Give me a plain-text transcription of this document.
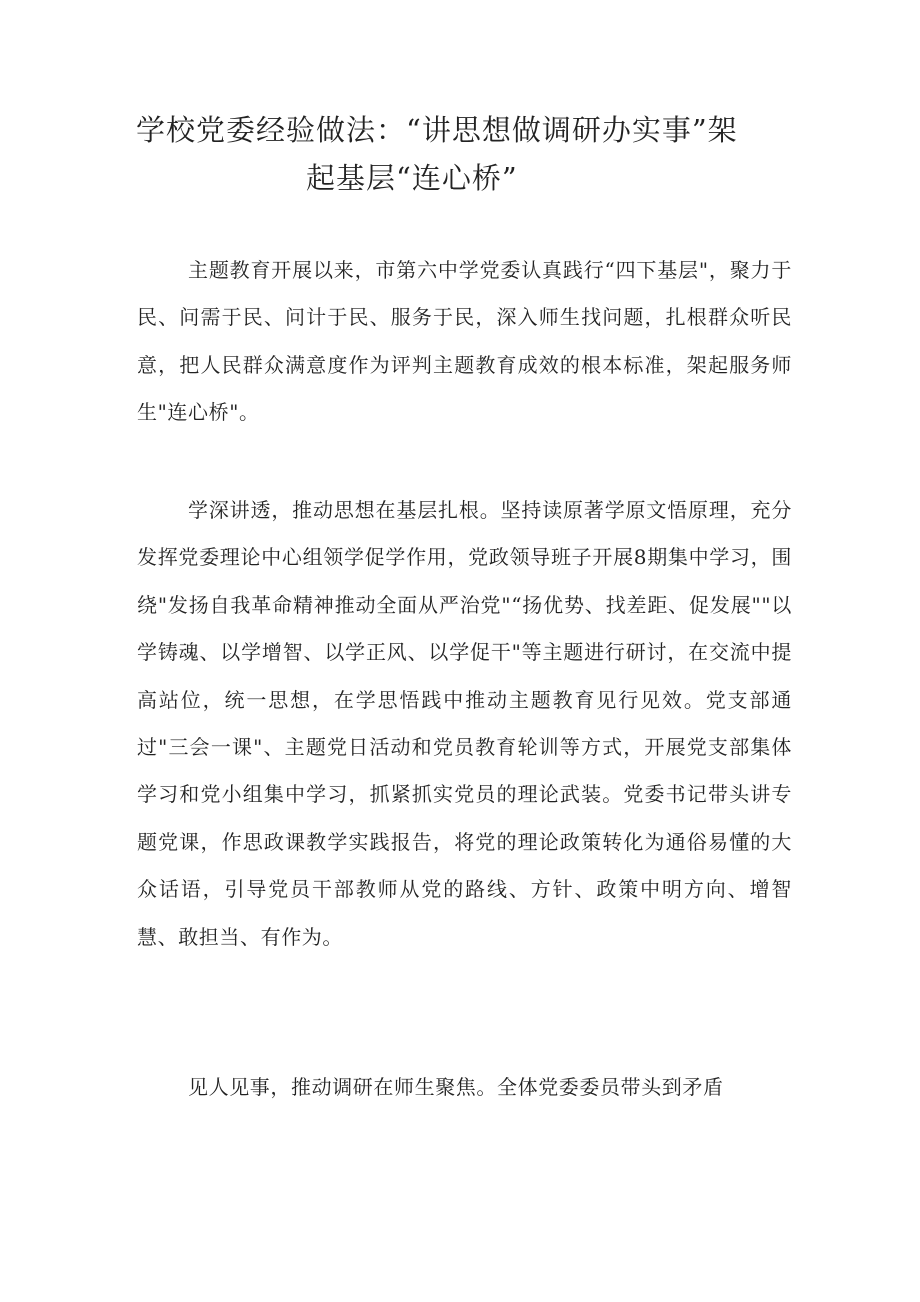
学校党委经验做法：“讲思想做调研办实事”架
起基层“连心桥”

主题教育开展以来，市第六中学党委认真践行“四下基层"，聚力于民、问需于民、问计于民、服务于民，深入师生找问题，扎根群众听民意，把人民群众满意度作为评判主题教育成效的根本标准，架起服务师生"连心桥"。

学深讲透，推动思想在基层扎根。坚持读原著学原文悟原理，充分发挥党委理论中心组领学促学作用，党政领导班子开展8期集中学习，围绕"发扬自我革命精神推动全面从严治党"“扬优势、找差距、促发展""以学铸魂、以学增智、以学正风、以学促干"等主题进行研讨，在交流中提高站位，统一思想，在学思悟践中推动主题教育见行见效。党支部通过"三会一课"、主题党日活动和党员教育轮训等方式，开展党支部集体学习和党小组集中学习，抓紧抓实党员的理论武装。党委书记带头讲专题党课，作思政课教学实践报告，将党的理论政策转化为通俗易懂的大众话语，引导党员干部教师从党的路线、方针、政策中明方向、增智慧、敢担当、有作为。

见人见事，推动调研在师生聚焦。全体党委委员带头到矛盾
